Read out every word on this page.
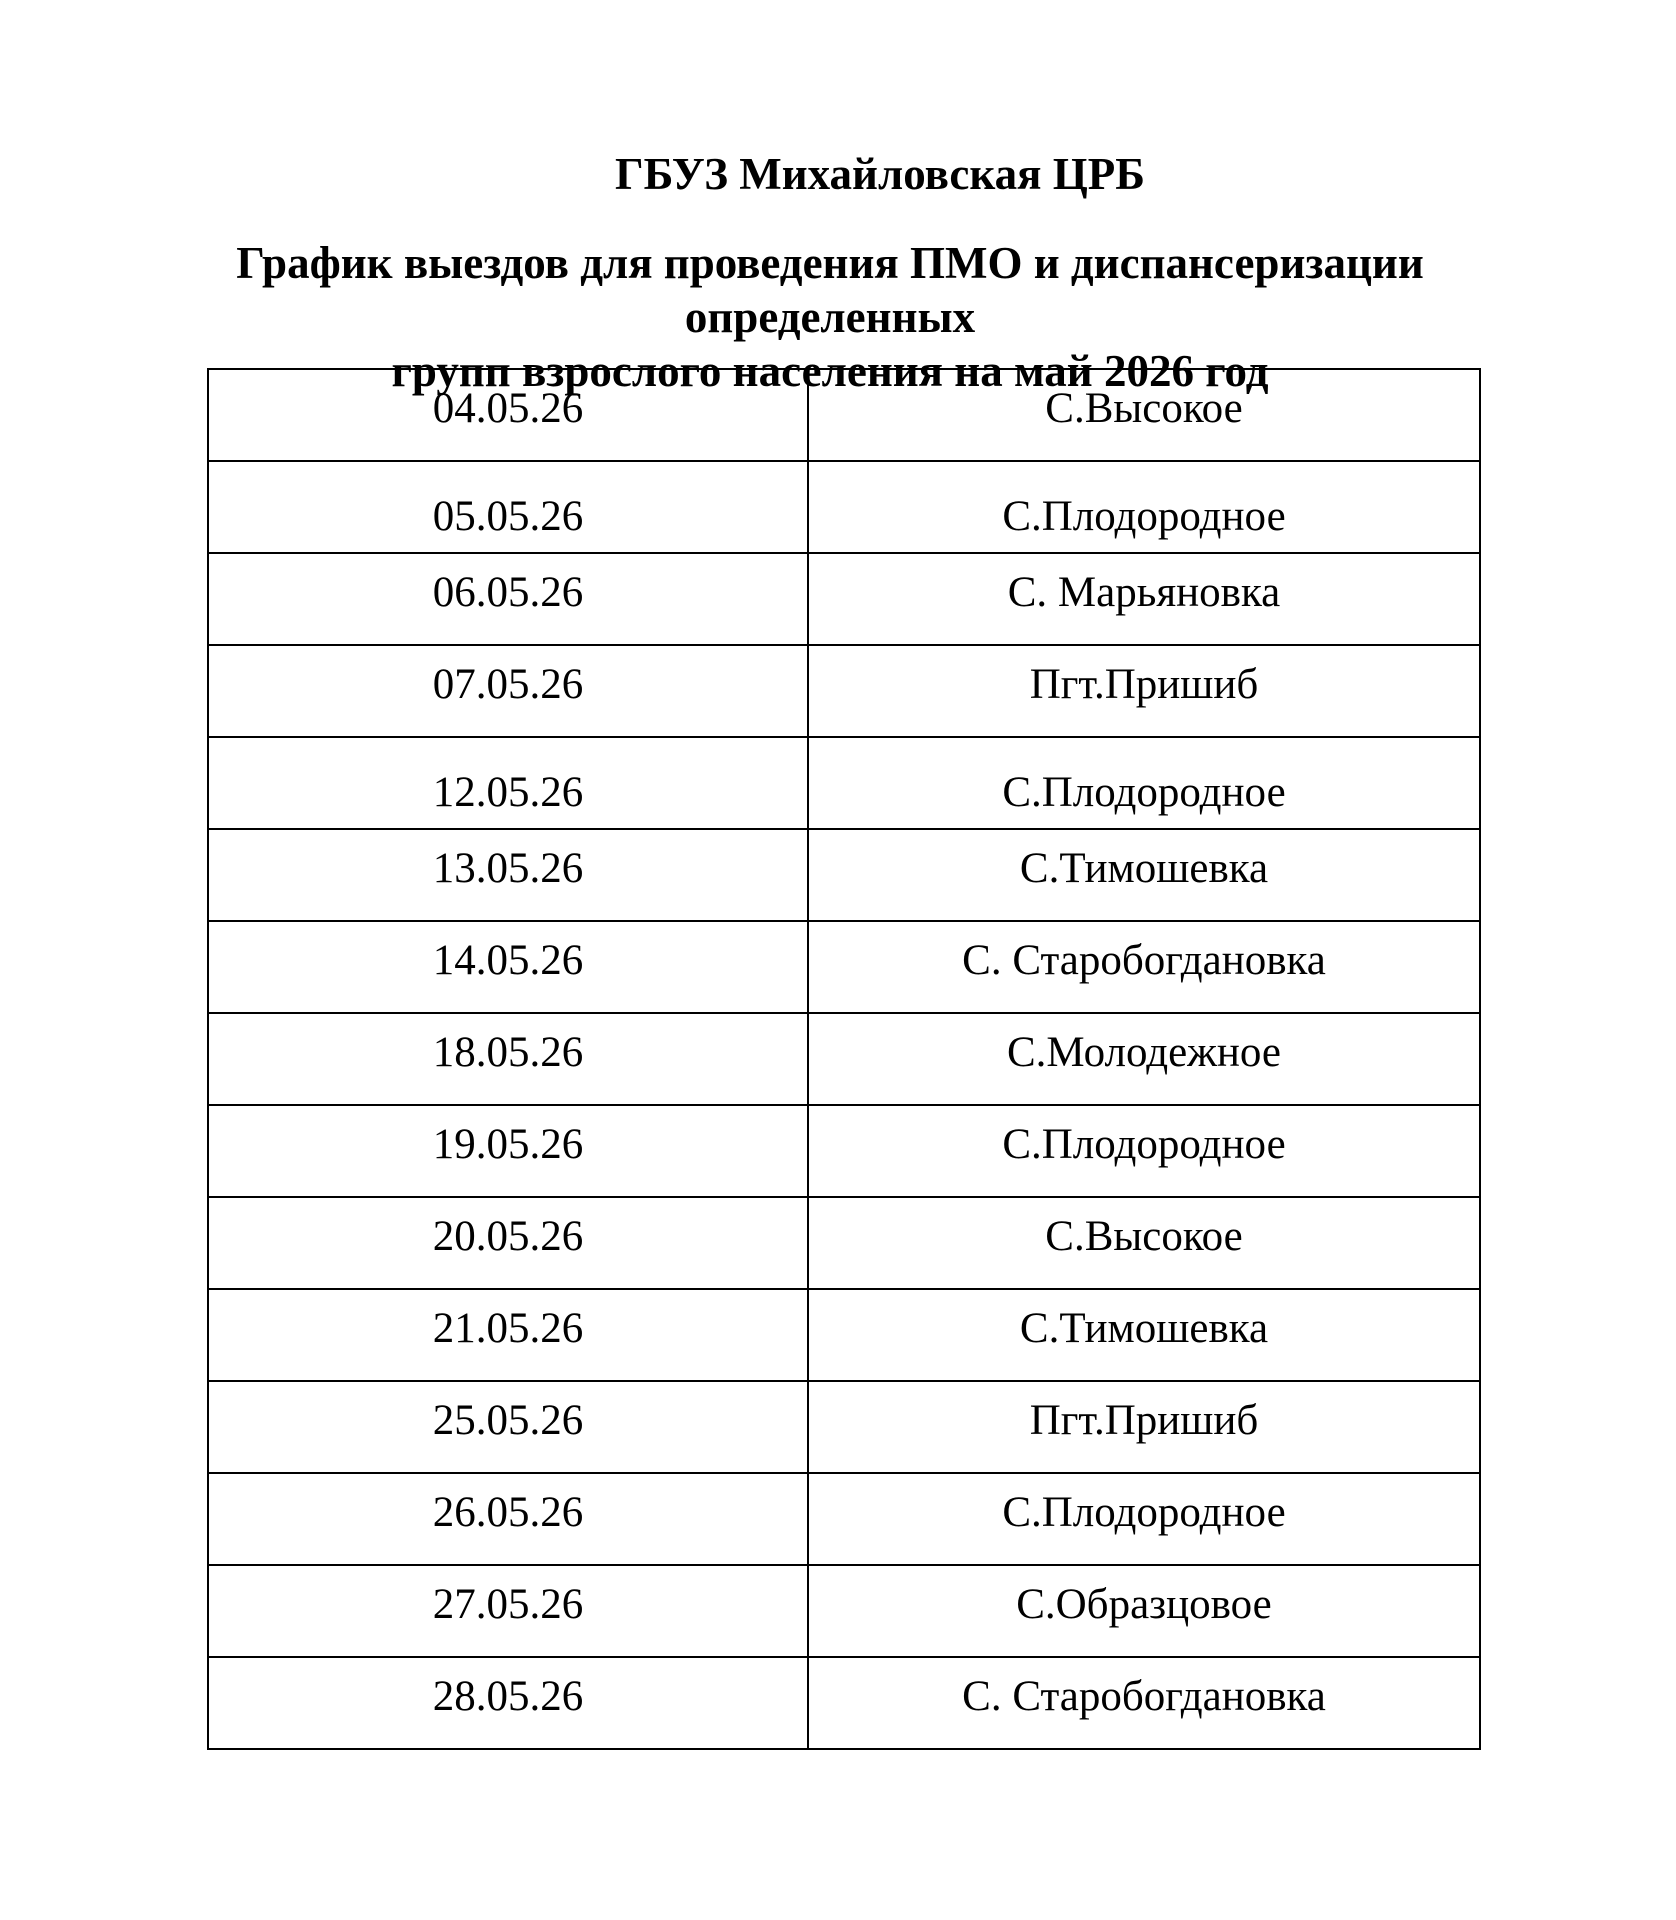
ГБУЗ Михайловская ЦРБ
График выездов для проведения ПМО и диспансеризации определенных
групп взрослого населения на май 2026 год
04.05.26	С.Высокое

05.05.26	С.Плодородное

06.05.26	С. Марьяновка

07.05.26	Пгт.Пришиб

12.05.26	С.Плодородное

13.05.26	С.Тимошевка

14.05.26	С. Старобогдановка

18.05.26	С.Молодежное

19.05.26	С.Плодородное

20.05.26	С.Высокое

21.05.26	С.Тимошевка

25.05.26	Пгт.Пришиб

26.05.26	С.Плодородное

27.05.26	С.Образцовое

28.05.26	С. Старобогдановка
